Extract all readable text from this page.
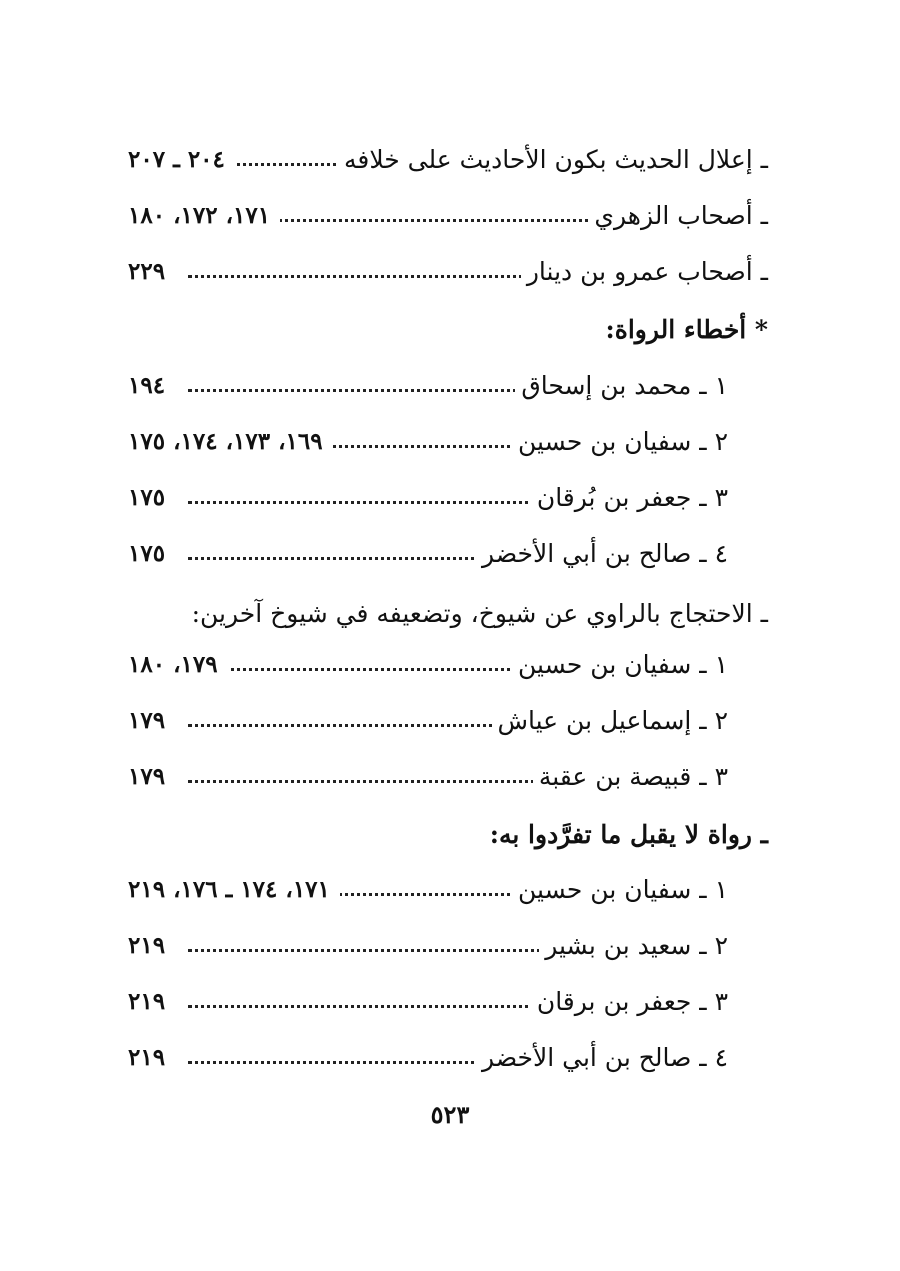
ـ إعلال الحديث بكون الأحاديث على خلافه
٢٠٤ ـ ٢٠٧
ـ أصحاب الزهري
١٧١، ١٧٢، ١٨٠
ـ أصحاب عمرو بن دينار
٢٢٩
* أخطاء الرواة:
١ ـ محمد بن إسحاق
١٩٤
٢ ـ سفيان بن حسين
١٦٩، ١٧٣، ١٧٤، ١٧٥
٣ ـ جعفر بن بُرقان
١٧٥
٤ ـ صالح بن أبي الأخضر
١٧٥
ـ الاحتجاج بالراوي عن شيوخ، وتضعيفه في شيوخ آخرين:
١ ـ سفيان بن حسين
١٧٩، ١٨٠
٢ ـ إسماعيل بن عياش
١٧٩
٣ ـ قبيصة بن عقبة
١٧٩
ـ رواة لا يقبل ما تفرَّدوا به:
١ ـ سفيان بن حسين
١٧١، ١٧٤ ـ ١٧٦، ٢١٩
٢ ـ سعيد بن بشير
٢١٩
٣ ـ جعفر بن برقان
٢١٩
٤ ـ صالح بن أبي الأخضر
٢١٩
٥٢٣
